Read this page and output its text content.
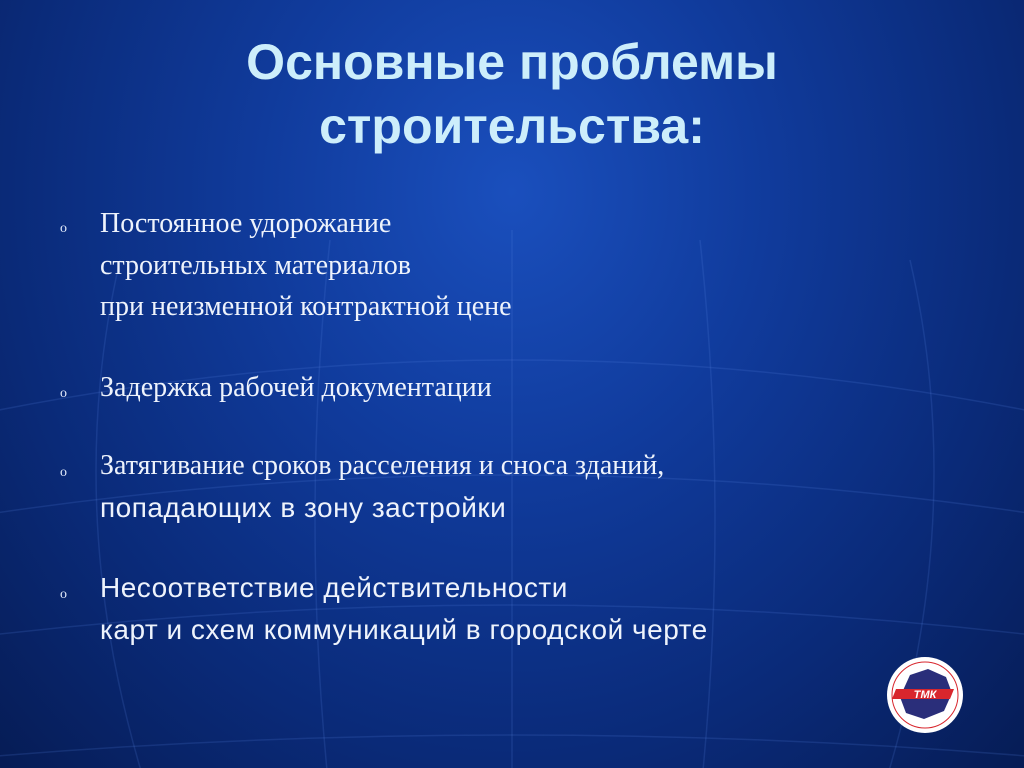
Основные проблемы
строительства:
o Постоянное удорожание
строительных материалов
при неизменной контрактной цене
o Задержка рабочей документации
o Затягивание сроков расселения и сноса зданий,
попадающих в зону застройки
o Несоответствие действительности
карт и схем коммуникаций в городской черте
ТМК
